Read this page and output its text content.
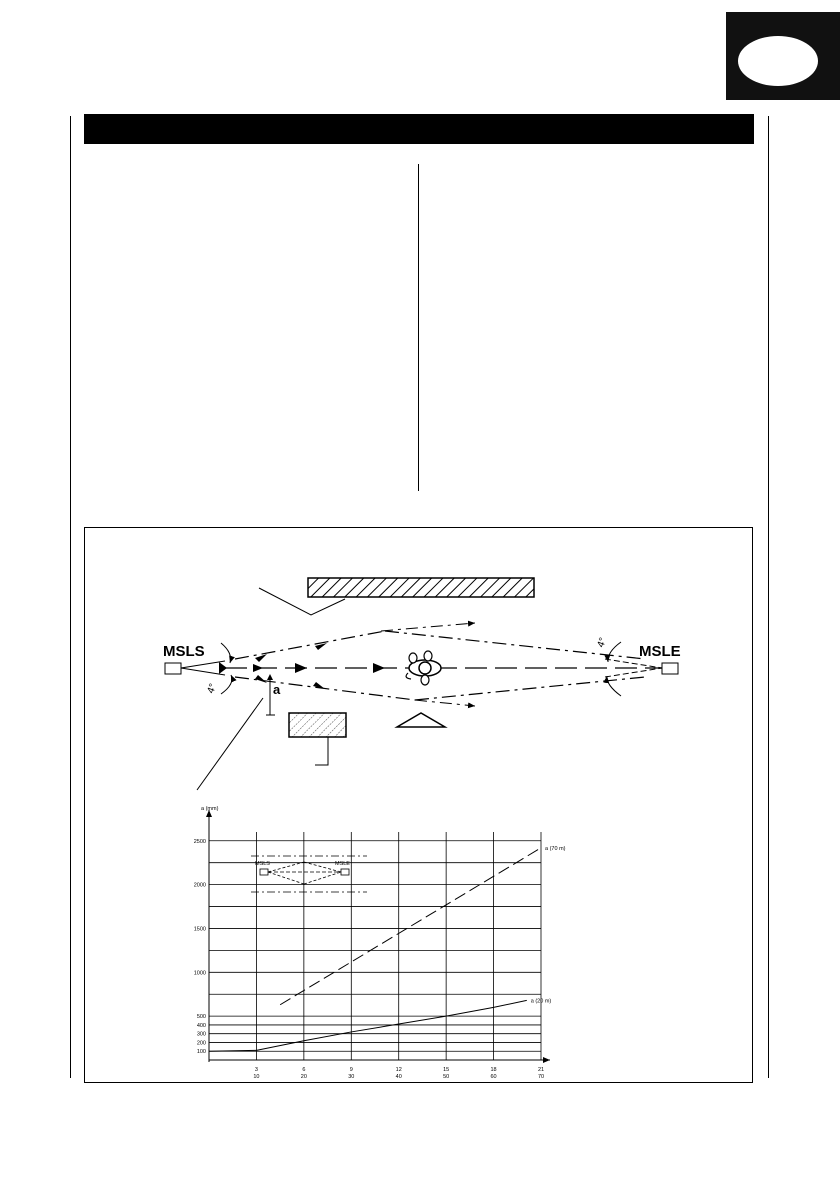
MSLS	MSLE
a
4°
4°
a (mm)
MSLS	MSLE
100
200
300
400
500
1000
1500
2000
2500
3
10
6
20
9
30
12
40
15
50
18
60
21
70
a (70 m)
a (20 m)
